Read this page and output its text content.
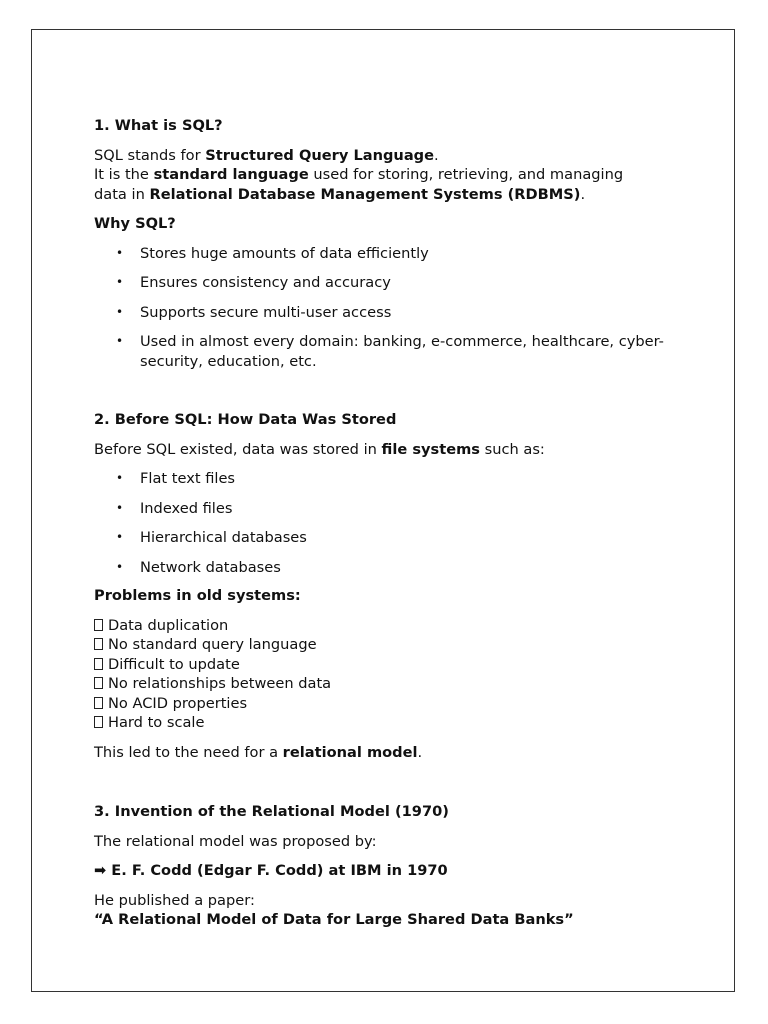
1. What is SQL?

SQL stands for Structured Query Language.
It is the standard language used for storing, retrieving, and managing
data in Relational Database Management Systems (RDBMS).

Why SQL?

• Stores huge amounts of data efficiently
• Ensures consistency and accuracy
• Supports secure multi-user access
• Used in almost every domain: banking, e-commerce, healthcare, cyber-security, education, etc.

2. Before SQL: How Data Was Stored

Before SQL existed, data was stored in file systems such as:

• Flat text files
• Indexed files
• Hierarchical databases
• Network databases

Problems in old systems:

Data duplication
No standard query language
Difficult to update
No relationships between data
No ACID properties
Hard to scale

This led to the need for a relational model.

3. Invention of the Relational Model (1970)

The relational model was proposed by:

➡ E. F. Codd (Edgar F. Codd) at IBM in 1970

He published a paper:
“A Relational Model of Data for Large Shared Data Banks”
